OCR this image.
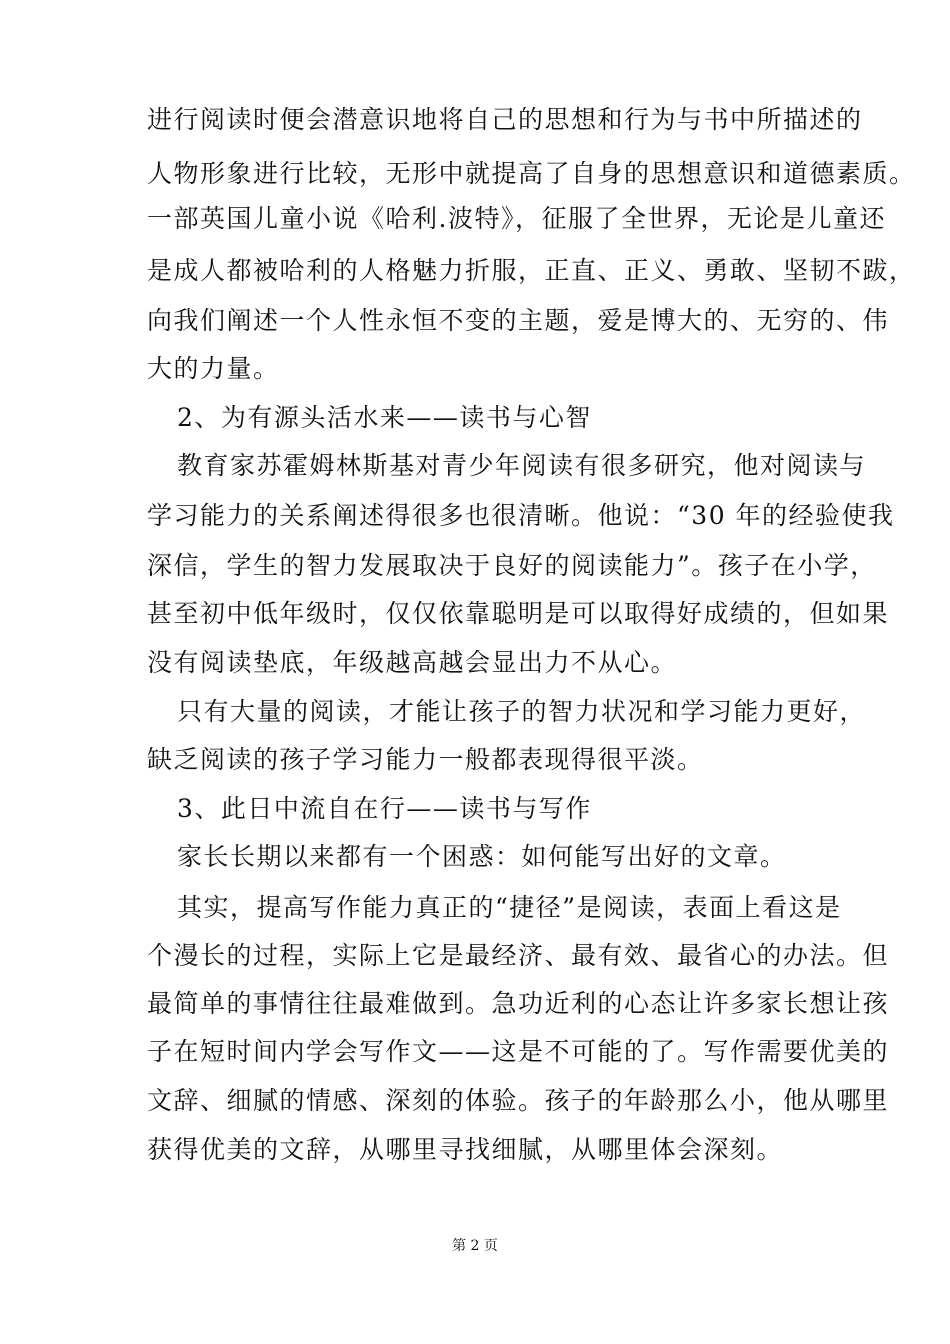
进行阅读时便会潜意识地将自己的思想和行为与书中所描述的
人物形象进行比较，无形中就提高了自身的思想意识和道德素质。
一部英国儿童小说《哈利.波特》，征服了全世界，无论是儿童还
是成人都被哈利的人格魅力折服，正直、正义、勇敢、坚韧不跋，
向我们阐述一个人性永恒不变的主题，爱是博大的、无穷的、伟
大的力量。
2、为有源头活水来——读书与心智
教育家苏霍姆林斯基对青少年阅读有很多研究，他对阅读与
学习能力的关系阐述得很多也很清晰。他说：“30 年的经验使我
深信，学生的智力发展取决于良好的阅读能力”。孩子在小学，
甚至初中低年级时，仅仅依靠聪明是可以取得好成绩的，但如果
没有阅读垫底，年级越高越会显出力不从心。
只有大量的阅读，才能让孩子的智力状况和学习能力更好，
缺乏阅读的孩子学习能力一般都表现得很平淡。
3、此日中流自在行——读书与写作
家长长期以来都有一个困惑：如何能写出好的文章。
其实，提高写作能力真正的“捷径”是阅读，表面上看这是
个漫长的过程，实际上它是最经济、最有效、最省心的办法。但
最简单的事情往往最难做到。急功近利的心态让许多家长想让孩
子在短时间内学会写作文——这是不可能的了。写作需要优美的
文辞、细腻的情感、深刻的体验。孩子的年龄那么小，他从哪里
获得优美的文辞，从哪里寻找细腻，从哪里体会深刻。
第 2 页
